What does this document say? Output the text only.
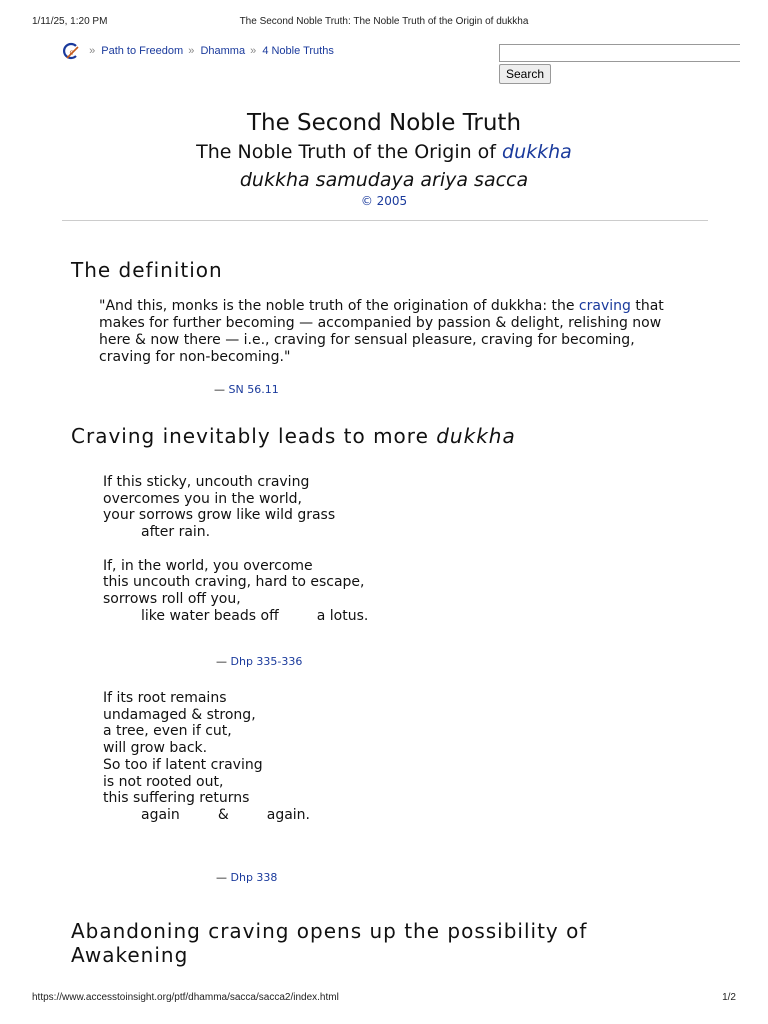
1/11/25, 1:20 PM	The Second Noble Truth: The Noble Truth of the Origin of dukkha
c » Path to Freedom » Dhamma » 4 Noble Truths
Search
The Second Noble Truth

The Noble Truth of the Origin of dukkha

dukkha samudaya ariya sacca

© 2005

The definition

"And this, monks is the noble truth of the origination of dukkha: the craving that makes for further becoming — accompanied by passion & delight, relishing now here & now there — i.e., craving for sensual pleasure, craving for becoming, craving for non-becoming."

— SN 56.11
Craving inevitably leads to more dukkha
If this sticky, uncouth craving
overcomes you in the world,
your sorrows grow like wild grass
after rain.
If, in the world, you overcome
this uncouth craving, hard to escape,
sorrows roll off you,
like water beads off	a lotus.
— Dhp 335-336
If its root remains
undamaged & strong,
a tree, even if cut,
will grow back.
So too if latent craving
is not rooted out,
this suffering returns
again	&	again.
— Dhp 338
Abandoning craving opens up the possibility of Awakening
https://www.accesstoinsight.org/ptf/dhamma/sacca/sacca2/index.html	1/2
